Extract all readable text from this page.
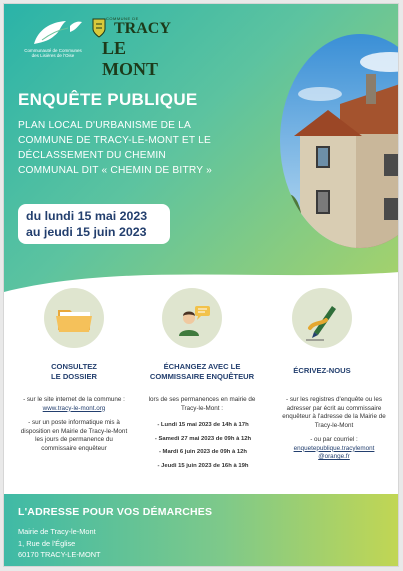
Communauté de Communes des Lisières de l'Oise
COMMUNE DE
TRACY
LE MONT
ENQUÊTE PUBLIQUE
PLAN LOCAL D'URBANISME DE LA
COMMUNE DE TRACY-LE-MONT ET LE
DÉCLASSEMENT DU CHEMIN
COMMUNAL DIT « CHEMIN DE BITRY »
du lundi 15 mai 2023
au jeudi 15 juin 2023
CONSULTEZ
LE DOSSIER
- sur le site internet de la commune :
www.tracy-le-mont.org
- sur un poste informatique mis à
disposition en Mairie de Tracy-le-Mont
les jours de permanence du
commissaire enquêteur
ÉCHANGEZ AVEC LE
COMMISSAIRE ENQUÊTEUR
lors de ses permanences en mairie de
Tracy-le-Mont :
- Lundi 15 mai 2023 de 14h à 17h
- Samedi 27 mai 2023 de 09h à 12h
- Mardi 6 juin 2023 de 09h à 12h
- Jeudi 15 juin 2023 de 16h à 19h
ÉCRIVEZ-NOUS
- sur les registres d'enquête ou les
adresser par écrit au commissaire
enquêteur à l'adresse de la Mairie de
Tracy-le-Mont
- ou par courriel :
enquetepublique.tracylemont
@orange.fr
L'ADRESSE POUR VOS DÉMARCHES
Mairie de Tracy-le-Mont
1, Rue de l'Église
60170 TRACY-LE-MONT
